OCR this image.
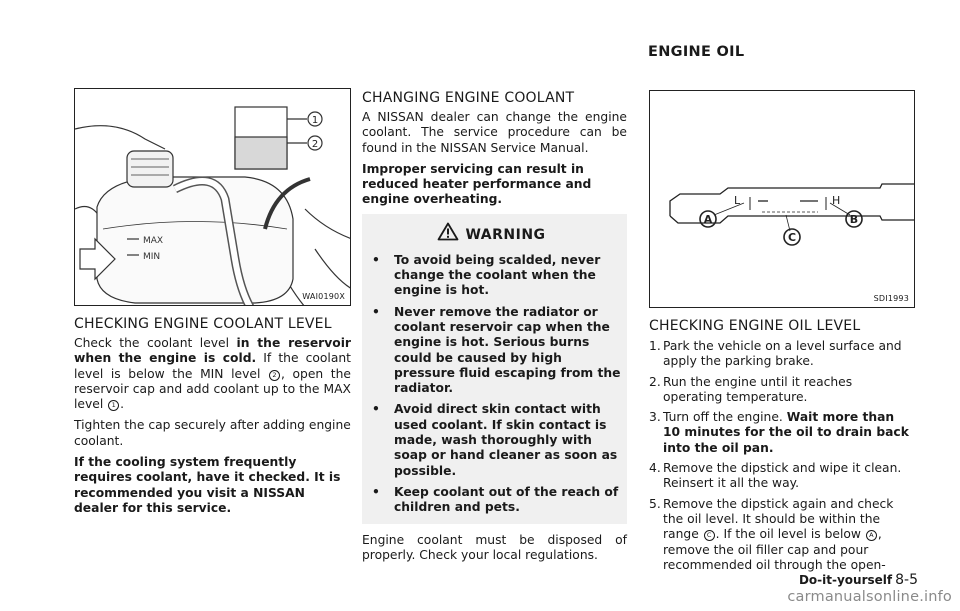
ENGINE OIL
1
2
MAX
MIN
WAI0190X
CHECKING ENGINE COOLANT LEVEL

Check the coolant level in the reservoir when the engine is cold. If the coolant level is below the MIN level 2 , open the reservoir cap and add coolant up to the MAX level 1 .

Tighten the cap securely after adding engine coolant.

If the cooling system frequently requires coolant, have it checked. It is recommended you visit a NISSAN dealer for this service.

CHANGING ENGINE COOLANT

A NISSAN dealer can change the engine coolant. The service procedure can be found in the NISSAN Service Manual.

Improper servicing can result in reduced heater performance and engine overheating.

WARNING
• To avoid being scalded, never change the coolant when the engine is hot.
• Never remove the radiator or coolant reservoir cap when the engine is hot. Serious burns could be caused by high pressure fluid escaping from the radiator.
• Avoid direct skin contact with used coolant. If skin contact is made, wash thoroughly with soap or hand cleaner as soon as possible.
• Keep coolant out of the reach of children and pets.

Engine coolant must be disposed of properly. Check your local regulations.

L	H
A	B
C
SDI1993
CHECKING ENGINE OIL LEVEL
1. Park the vehicle on a level surface and apply the parking brake.
2. Run the engine until it reaches operating temperature.
3. Turn off the engine. Wait more than 10 minutes for the oil to drain back into the oil pan.
4. Remove the dipstick and wipe it clean. Reinsert it all the way.
5. Remove the dipstick again and check the oil level. It should be within the range C . If the oil level is below A , remove the oil filler cap and pour recommended oil through the open-
Do-it-yourself 8-5
carmanualsonline.info
